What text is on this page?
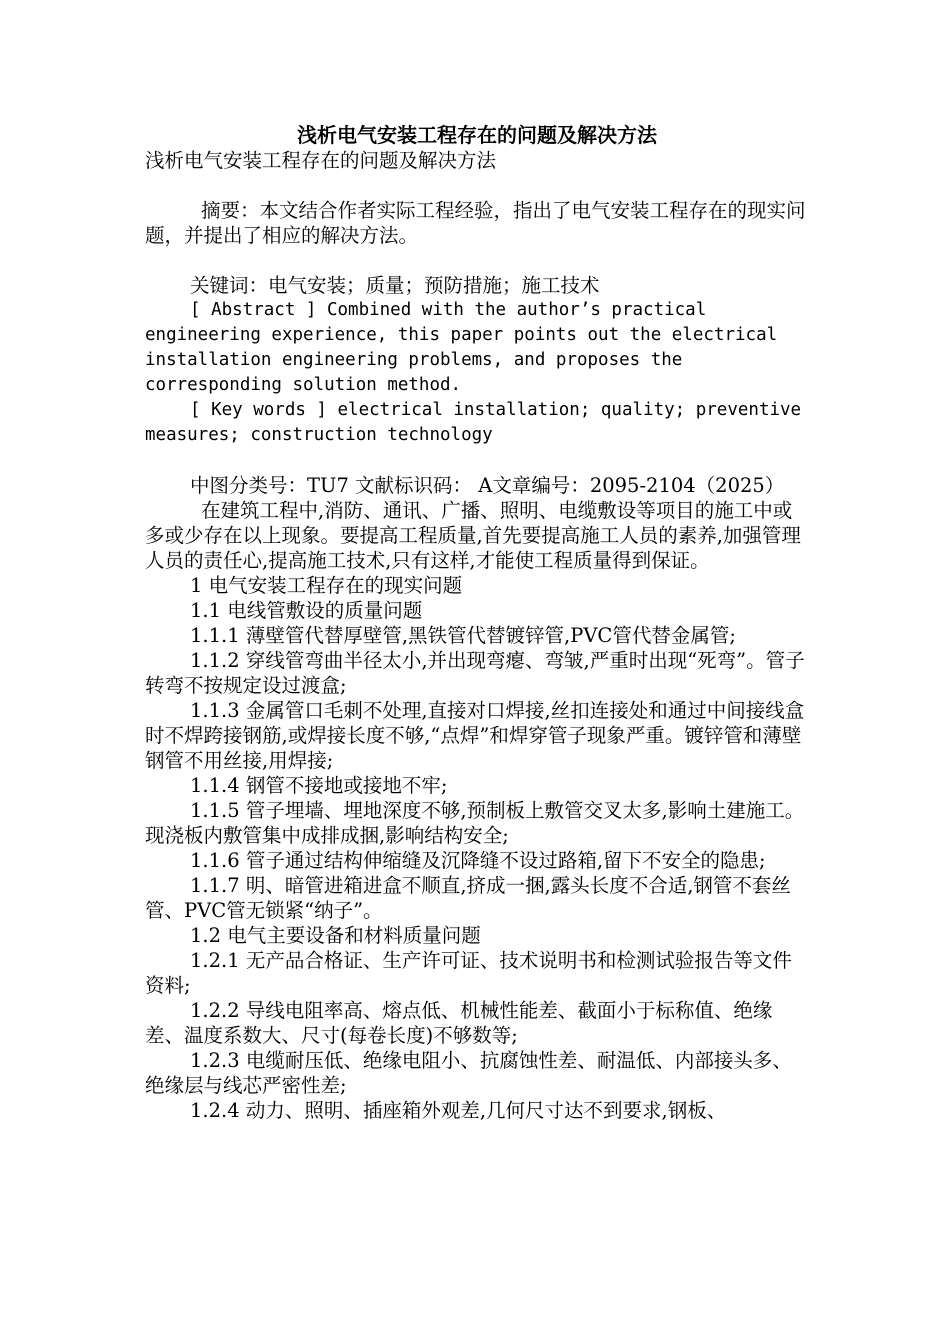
浅析电气安装工程存在的问题及解决方法
浅析电气安装工程存在的问题及解决方法
摘要：本文结合作者实际工程经验，指出了电气安装工程存在的现实问题，并提出了相应的解决方法。
关键词：电气安装；质量；预防措施；施工技术
[ Abstract ] Combined with the author’s practical engineering experience, this paper points out the electrical installation engineering problems, and proposes the corresponding solution method.
[ Key words ] electrical installation; quality; preventive measures; construction technology
中图分类号：TU7 文献标识码： A文章编号：2095-2104（2025）
在建筑工程中,消防、通讯、广播、照明、电缆敷设等项目的施工中或多或少存在以上现象。要提高工程质量,首先要提高施工人员的素养,加强管理人员的责任心,提高施工技术,只有这样,才能使工程质量得到保证。
1 电气安装工程存在的现实问题
1.1 电线管敷设的质量问题
1.1.1 薄壁管代替厚壁管,黑铁管代替镀锌管,PVC管代替金属管;
1.1.2 穿线管弯曲半径太小,并出现弯瘪、弯皱,严重时出现“死弯”。管子转弯不按规定设过渡盒;
1.1.3 金属管口毛刺不处理,直接对口焊接,丝扣连接处和通过中间接线盒时不焊跨接钢筋,或焊接长度不够,“点焊”和焊穿管子现象严重。镀锌管和薄壁钢管不用丝接,用焊接;
1.1.4 钢管不接地或接地不牢;
1.1.5 管子埋墙、埋地深度不够,预制板上敷管交叉太多,影响土建施工。现浇板内敷管集中成排成捆,影响结构安全;
1.1.6 管子通过结构伸缩缝及沉降缝不设过路箱,留下不安全的隐患;
1.1.7 明、暗管进箱进盒不顺直,挤成一捆,露头长度不合适,钢管不套丝管、PVC管无锁紧“纳子”。
1.2 电气主要设备和材料质量问题
1.2.1 无产品合格证、生产许可证、技术说明书和检测试验报告等文件资料;
1.2.2 导线电阻率高、熔点低、机械性能差、截面小于标称值、绝缘差、温度系数大、尺寸(每卷长度)不够数等;
1.2.3 电缆耐压低、绝缘电阻小、抗腐蚀性差、耐温低、内部接头多、绝缘层与线芯严密性差;
1.2.4 动力、照明、插座箱外观差,几何尺寸达不到要求,钢板、
